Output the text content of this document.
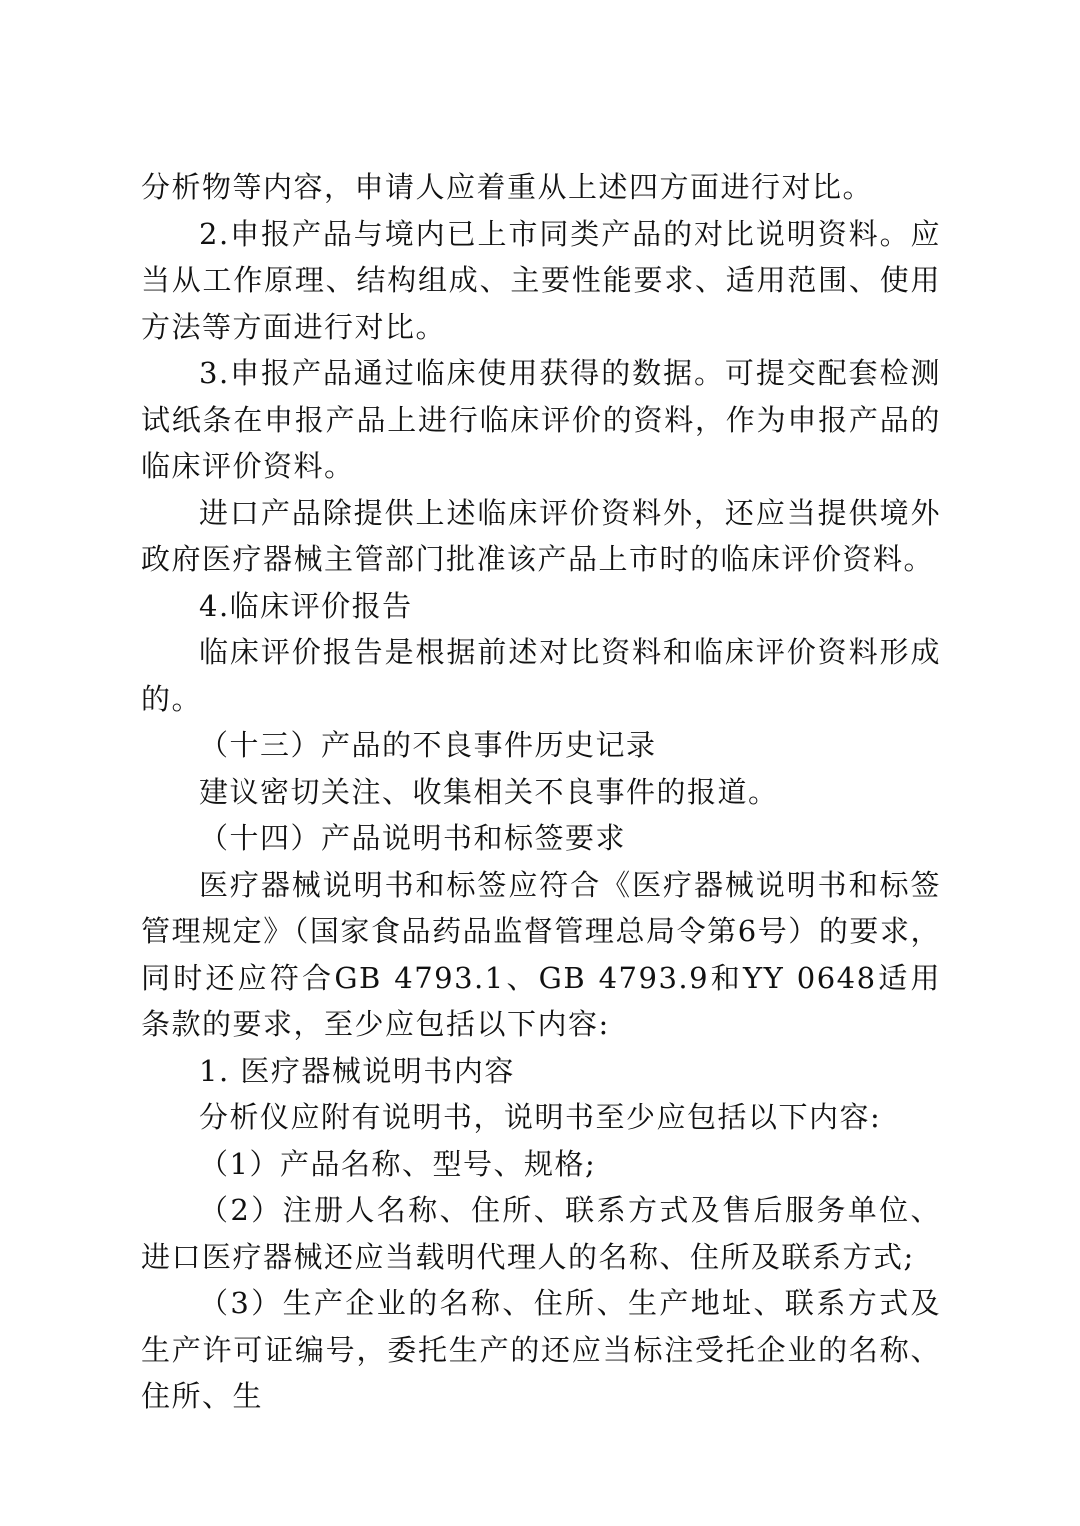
分析物等内容，申请人应着重从上述四方面进行对比。

2.申报产品与境内已上市同类产品的对比说明资料。应当从工作原理、结构组成、主要性能要求、适用范围、使用方法等方面进行对比。

3.申报产品通过临床使用获得的数据。可提交配套检测试纸条在申报产品上进行临床评价的资料，作为申报产品的临床评价资料。

进口产品除提供上述临床评价资料外，还应当提供境外政府医疗器械主管部门批准该产品上市时的临床评价资料。

4.临床评价报告

临床评价报告是根据前述对比资料和临床评价资料形成的。

（十三）产品的不良事件历史记录

建议密切关注、收集相关不良事件的报道。

（十四）产品说明书和标签要求

医疗器械说明书和标签应符合《医疗器械说明书和标签管理规定》（国家食品药品监督管理总局令第6号）的要求，同时还应符合GB 4793.1、GB 4793.9和YY 0648适用条款的要求，至少应包括以下内容:

1. 医疗器械说明书内容

分析仪应附有说明书，说明书至少应包括以下内容:

（1）产品名称、型号、规格;

（2）注册人名称、住所、联系方式及售后服务单位、进口医疗器械还应当载明代理人的名称、住所及联系方式;

（3）生产企业的名称、住所、生产地址、联系方式及生产许可证编号，委托生产的还应当标注受托企业的名称、住所、生
